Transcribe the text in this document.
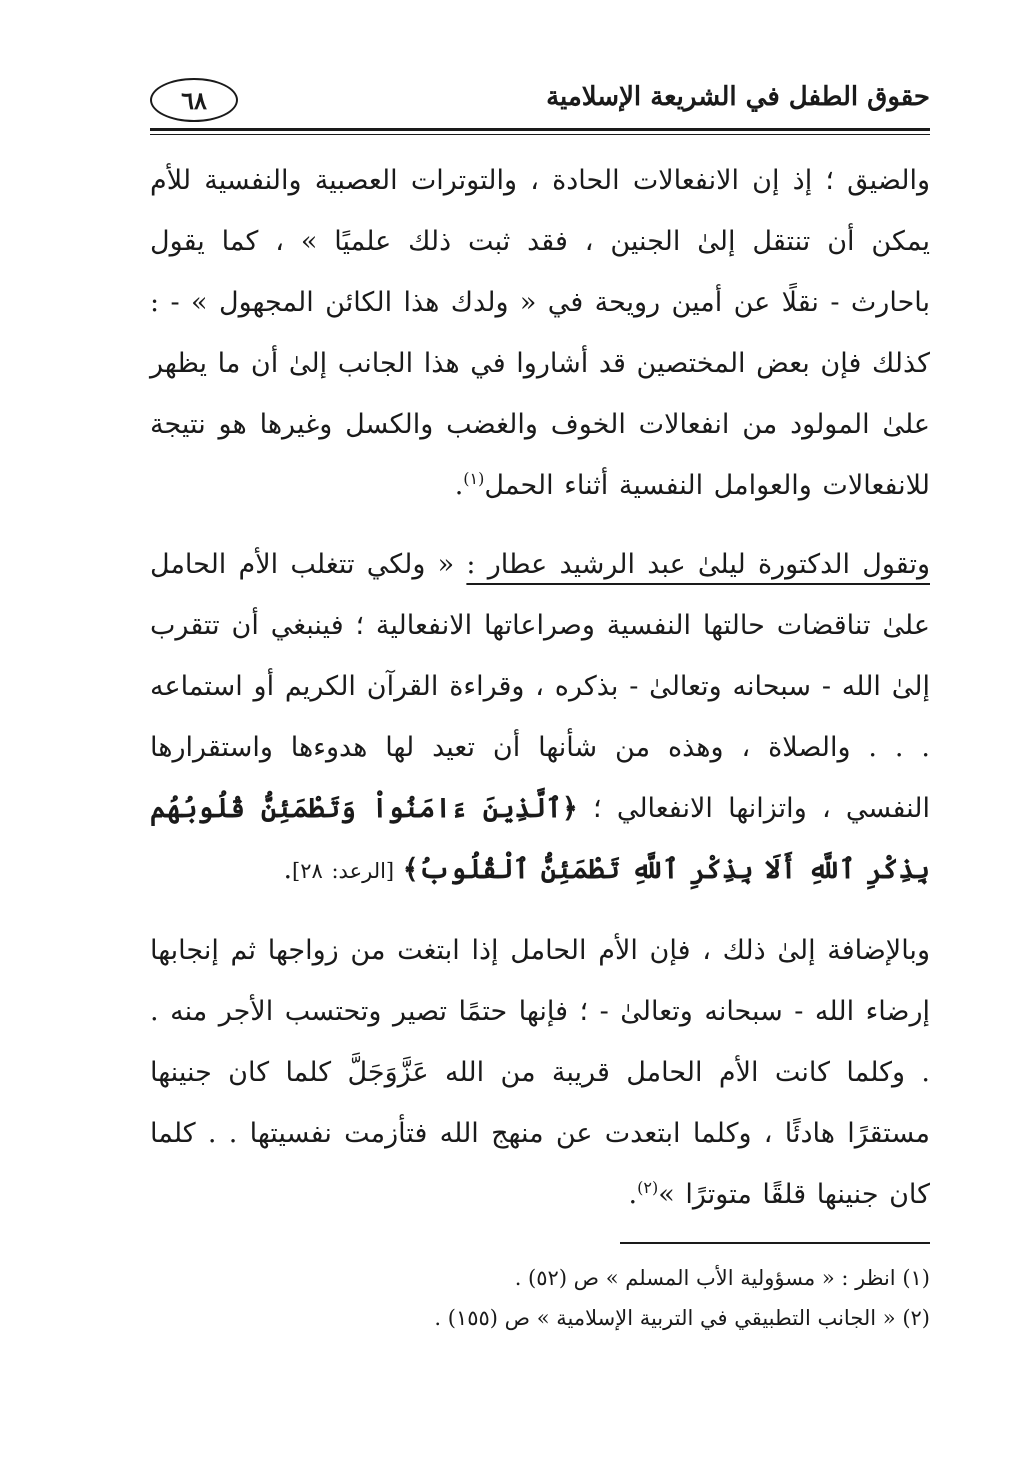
حقوق الطفل في الشريعة الإسلامية
٦٨

والضيق ؛ إذ إن الانفعالات الحادة ، والتوترات العصبية والنفسية للأم يمكن أن تنتقل إلىٰ الجنين ، فقد ثبت ذلك علميًا » ، كما يقول باحارث - نقلًا عن أمين رويحة في « ولدك هذا الكائن المجهول » - : كذلك فإن بعض المختصين قد أشاروا في هذا الجانب إلىٰ أن ما يظهر علىٰ المولود من انفعالات الخوف والغضب والكسل وغيرها هو نتيجة للانفعالات والعوامل النفسية أثناء الحمل$^{(١)}$.

وتقول الدكتورة ليلىٰ عبد الرشيد عطار : « ولكي تتغلب الأم الحامل علىٰ تناقضات حالتها النفسية وصراعاتها الانفعالية ؛ فينبغي أن تتقرب إلىٰ الله - سبحانه وتعالىٰ - بذكره ، وقراءة القرآن الكريم أو استماعه . . . والصلاة ، وهذه من شأنها أن تعيد لها هدوءها واستقرارها النفسي ، واتزانها الانفعالي ؛ ﴿ٱلَّذِينَ ءَامَنُواْ وَتَطْمَئِنُّ قُلُوبُهُم بِذِكْرِ ٱللَّهِ أَلَا بِذِكْرِ ٱللَّهِ تَطْمَئِنُّ ٱلْقُلُوبُ﴾ [الرعد: ٢٨].

وبالإضافة إلىٰ ذلك ، فإن الأم الحامل إذا ابتغت من زواجها ثم إنجابها إرضاء الله - سبحانه وتعالىٰ - ؛ فإنها حتمًا تصير وتحتسب الأجر منه . . وكلما كانت الأم الحامل قريبة من الله عَزَّوَجَلَّ كلما كان جنينها مستقرًا هادئًا ، وكلما ابتعدت عن منهج الله فتأزمت نفسيتها . . كلما كان جنينها قلقًا متوترًا »$^{(٢)}$.

(١) انظر : « مسؤولية الأب المسلم » ص (٥٢) .

(٢) « الجانب التطبيقي في التربية الإسلامية » ص (١٥٥) .
